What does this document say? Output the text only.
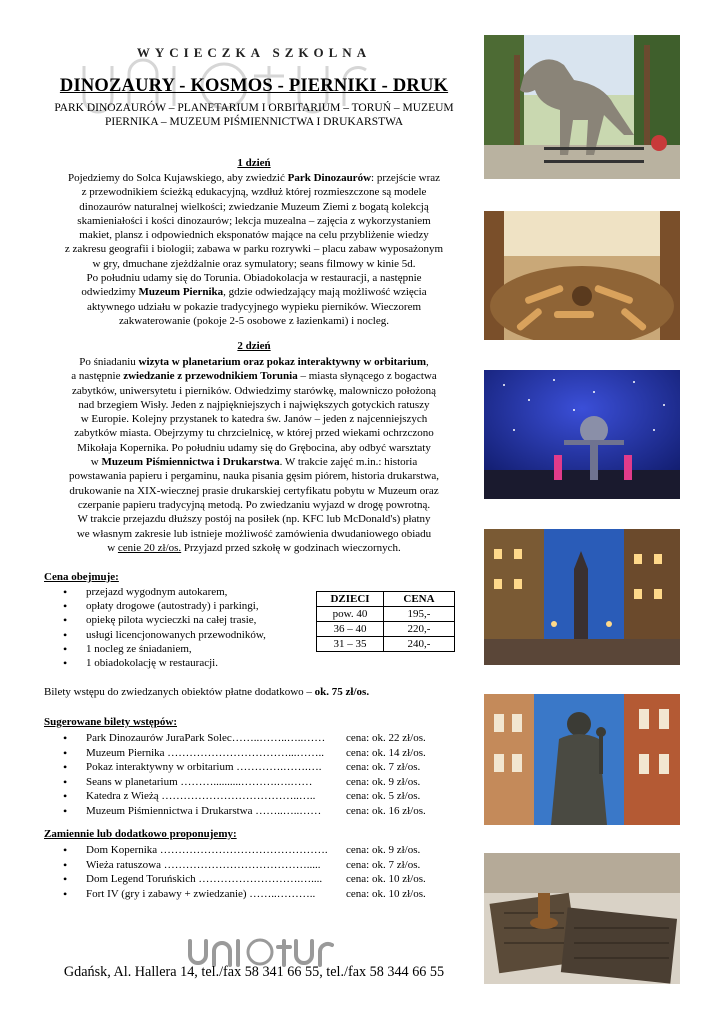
WYCIECZKA SZKOLNA
DINOZAURY - KOSMOS - PIERNIKI - DRUK
PARK DINOZAURÓW – PLANETARIUM I ORBITARIUM – TORUŃ – MUZEUM
PIERNIKA – MUZEUM PIŚMIENNICTWA I DRUKARSTWA
1 dzień
Pojedziemy do Solca Kujawskiego, aby zwiedzić Park Dinozaurów: przejście wraz
z przewodnikiem ścieżką edukacyjną, wzdłuż której rozmieszczone są modele
dinozaurów naturalnej wielkości; zwiedzanie Muzeum Ziemi z bogatą kolekcją
skamieniałości i kości dinozaurów; lekcja muzealna – zajęcia z wykorzystaniem
makiet, plansz i odpowiednich eksponatów mające na celu przybliżenie wiedzy
z zakresu geografii i biologii; zabawa w parku rozrywki – placu zabaw wyposażonym
w gry, dmuchane zjeżdżalnie oraz symulatory; seans filmowy w kinie 5d.
Po południu udamy się do Torunia. Obiadokolacja w restauracji, a następnie
odwiedzimy Muzeum Piernika, gdzie odwiedzający mają możliwość wzięcia
aktywnego udziału w pokazie tradycyjnego wypieku pierników. Wieczorem
zakwaterowanie (pokoje 2-5 osobowe z łazienkami) i nocleg.
2 dzień
Po śniadaniu wizyta w planetarium oraz pokaz interaktywny w orbitarium,
a następnie zwiedzanie z przewodnikiem Torunia – miasta słynącego z bogactwa
zabytków, uniwersytetu i pierników. Odwiedzimy starówkę, malowniczo położoną
nad brzegiem Wisły. Jeden z najpiękniejszych i największych gotyckich ratuszy
w Europie. Kolejny przystanek to katedra św. Janów – jeden z najcenniejszych
zabytków miasta. Obejrzymy tu chrzcielnicę, w której przed wiekami ochrzczono
Mikołaja Kopernika. Po południu udamy się do Grębocina, aby odbyć warsztaty
w Muzeum Piśmiennictwa i Drukarstwa. W trakcie zajęć m.in.: historia
powstawania papieru i pergaminu, nauka pisania gęsim piórem, historia drukarstwa,
drukowanie na XIX-wiecznej prasie drukarskiej certyfikatu pobytu w Muzeum oraz
czerpanie papieru tradycyjną metodą. Po zwiedzaniu wyjazd w drogę powrotną.
W trakcie przejazdu dłuższy postój na posiłek (np. KFC lub McDonald's) płatny
we własnym zakresie lub istnieje możliwość zamówienia dwudaniowego obiadu
w cenie 20 zł/os. Przyjazd przed szkołę w godzinach wieczornych.
Cena obejmuje:
• przejazd wygodnym autokarem,
• opłaty drogowe (autostrady) i parkingi,
• opiekę pilota wycieczki na całej trasie,
• usługi licencjonowanych przewodników,
• 1 nocleg ze śniadaniem,
• 1 obiadokolację w restauracji.
DZIECI	CENA
pow. 40	195,-
36 – 40	220,-
31 – 35	240,-
Bilety wstępu do zwiedzanych obiektów płatne dodatkowo – ok. 75 zł/os.
Sugerowane bilety wstępów:
• Park Dinozaurów JuraPark Solec……..……..…..…… cena: ok. 22 zł/os.
• Muzeum Piernika ……………………………...…….. cena: ok. 14 zł/os.
• Pokaz interaktywny w orbitarium ………….…….…. cena: ok. 7 zł/os.
• Seans w planetarium ………..........……….….……	cena: ok. 9 zł/os.
• Katedra z Wieżą ………………………………..…..	cena: ok. 5 zł/os.
• Muzeum Piśmiennictwa i Drukarstwa ……..…..…… cena: ok. 16 zł/os.
Zamiennie lub dodatkowo proponujemy:
• Dom Kopernika ………………………………………. cena: ok. 9 zł/os.
• Wieża ratuszowa …………………………………..... cena: ok. 7 zł/os.
• Dom Legend Toruńskich ……………………….….... cena: ok. 10 zł/os.
• Fort IV (gry i zabawy + zwiedzanie) ……..………..	cena: ok. 10 zł/os.
Gdańsk, Al. Hallera 14, tel./fax 58 341 66 55, tel./fax 58 344 66 55
